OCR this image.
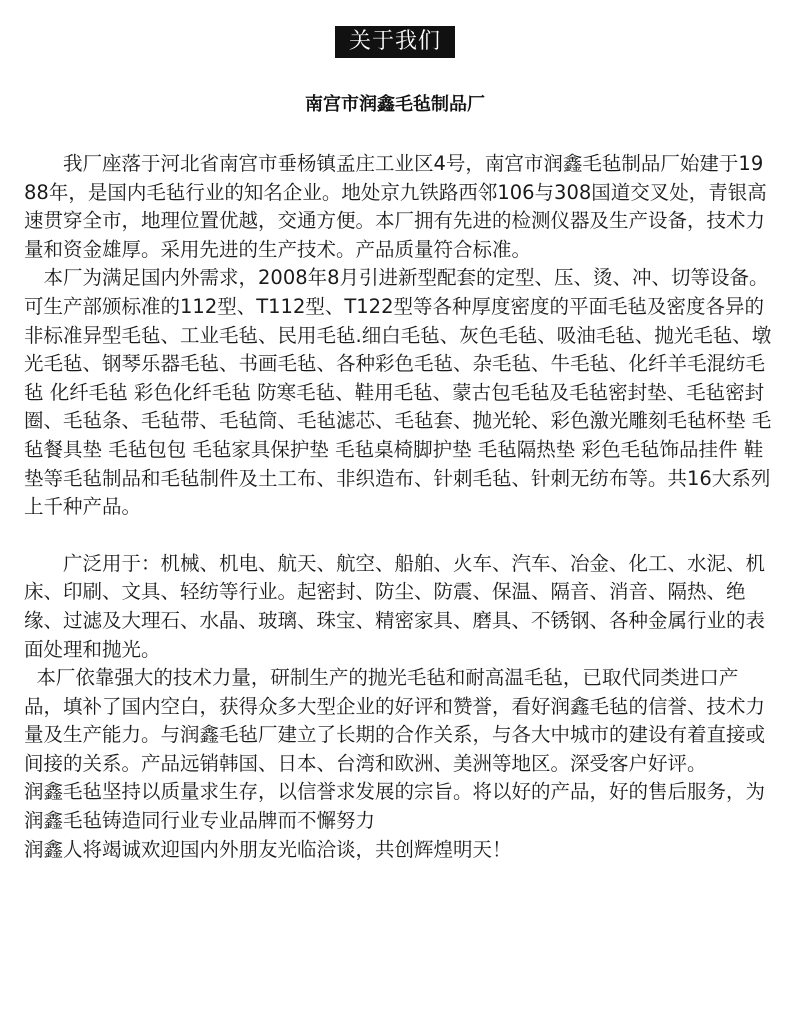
关于我们
南宫市润鑫毛毡制品厂

　　我厂座落于河北省南宫市垂杨镇孟庄工业区4号，南宫市润鑫毛毡制品厂始建于1988年，是国内毛毡行业的知名企业。地处京九铁路西邻106与308国道交叉处，青银高速贯穿全市，地理位置优越，交通方便。本厂拥有先进的检测仪器及生产设备，技术力量和资金雄厚。采用先进的生产技术。产品质量符合标准。

　本厂为满足国内外需求，2008年8月引进新型配套的定型、压、烫、冲、切等设备。可生产部颁标准的112型、T112型、T122型等各种厚度密度的平面毛毡及密度各异的非标准异型毛毡、工业毛毡、民用毛毡.细白毛毡、灰色毛毡、吸油毛毡、抛光毛毡、墩光毛毡、钢琴乐器毛毡、书画毛毡、各种彩色毛毡、杂毛毡、牛毛毡、化纤羊毛混纺毛毡 化纤毛毡 彩色化纤毛毡 防寒毛毡、鞋用毛毡、蒙古包毛毡及毛毡密封垫、毛毡密封圈、毛毡条、毛毡带、毛毡筒、毛毡滤芯、毛毡套、抛光轮、彩色激光雕刻毛毡杯垫 毛毡餐具垫 毛毡包包 毛毡家具保护垫 毛毡桌椅脚护垫 毛毡隔热垫 彩色毛毡饰品挂件 鞋垫等毛毡制品和毛毡制件及土工布、非织造布、针刺毛毡、针刺无纺布等。共16大系列上千种产品。

　　广泛用于：机械、机电、航天、航空、船舶、火车、汽车、冶金、化工、水泥、机床、印刷、文具、轻纺等行业。起密封、防尘、防震、保温、隔音、消音、隔热、绝缘、过滤及大理石、水晶、玻璃、珠宝、精密家具、磨具、不锈钢、各种金属行业的表面处理和抛光。

本厂依靠强大的技术力量，研制生产的抛光毛毡和耐高温毛毡，已取代同类进口产品，填补了国内空白，获得众多大型企业的好评和赞誉，看好润鑫毛毡的信誉、技术力量及生产能力。与润鑫毛毡厂建立了长期的合作关系，与各大中城市的建设有着直接或间接的关系。产品远销韩国、日本、台湾和欧洲、美洲等地区。深受客户好评。

润鑫毛毡坚持以质量求生存，以信誉求发展的宗旨。将以好的产品，好的售后服务，为润鑫毛毡铸造同行业专业品牌而不懈努力

润鑫人将竭诚欢迎国内外朋友光临洽谈，共创辉煌明天！
